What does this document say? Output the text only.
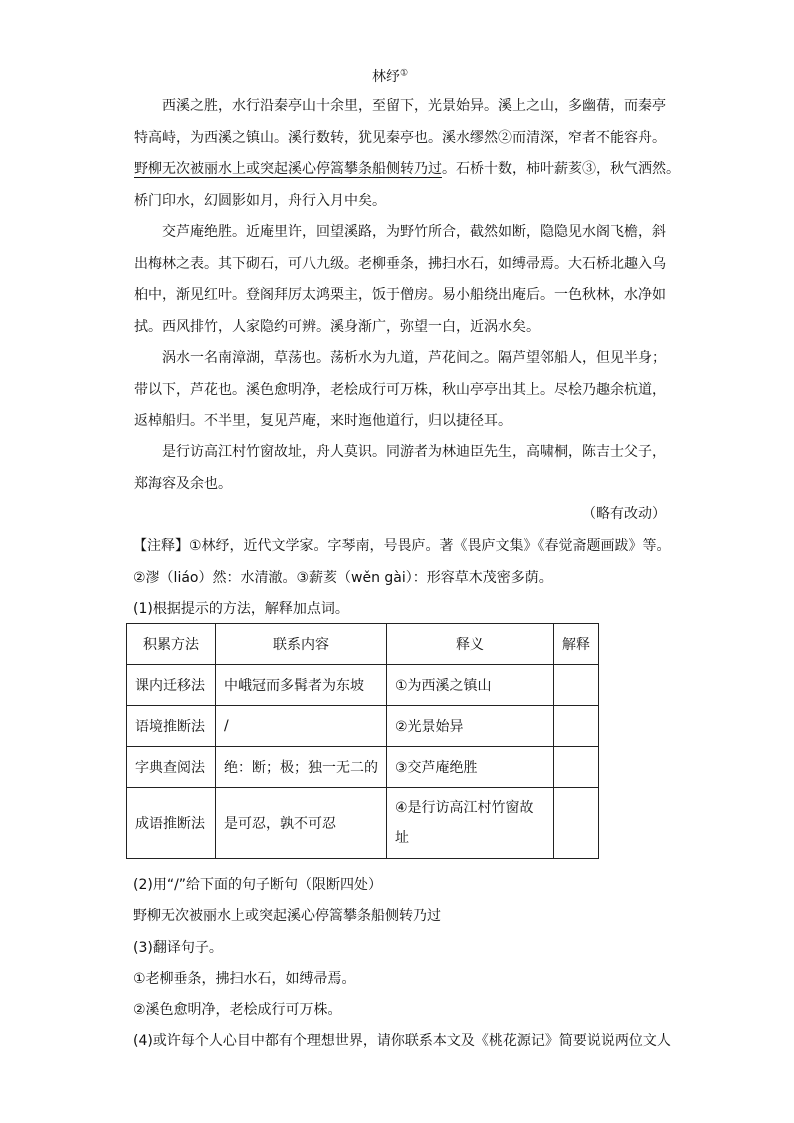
林纾①
西溪之胜，水行沿秦亭山十余里，至留下，光景始异。溪上之山，多幽蒨，而秦亭
特高峙，为西溪之镇山。溪行数转，犹见秦亭也。溪水缪然②而清深，窄者不能容舟。
野柳无次被丽水上或突起溪心停篙攀条船侧转乃过。石桥十数，柿叶薪荄③，秋气洒然。
桥门印水，幻圆影如月，舟行入月中矣。
交芦庵绝胜。近庵里许，回望溪路，为野竹所合，截然如断，隐隐见水阁飞檐，斜
出梅林之表。其下砌石，可八九级。老柳垂条，拂扫水石，如缚帚焉。大石桥北趣入乌
桕中，渐见红叶。登阁拜厉太鸿栗主，饭于僧房。易小船绕出庵后。一色秋林，水净如
拭。西风排竹，人家隐约可辨。溪身渐广，弥望一白，近涡水矣。
涡水一名南漳湖，草荡也。荡析水为九道，芦花间之。隔芦望邻船人，但见半身；
带以下，芦花也。溪色愈明净，老桧成行可万株，秋山亭亭出其上。尽桧乃趣余杭道，
返棹船归。不半里，复见芦庵，来时迤他道行，归以捷径耳。
是行访高江村竹窗故址，舟人莫识。同游者为林迪臣先生，高啸桐，陈吉士父子，
郑海容及余也。
（略有改动）
【注释】①林纾，近代文学家。字琴南，号畏庐。著《畏庐文集》《春觉斋题画跋》等。
②漻（liáo）然：水清澈。③薪荄（wěn gài）：形容草木茂密多荫。
(1)根据提示的方法，解释加点词。
积累方法	联系内容	释义	解释
课内迁移法	中峨冠而多髯者为东坡	①为西溪之镇山	
语境推断法	/	②光景始异	
字典查阅法	绝：断；极；独一无二的	③交芦庵绝胜	
成语推断法	是可忍，孰不可忍	④是行访高江村竹窗故址	
(2)用“/”给下面的句子断句（限断四处）
野柳无次被丽水上或突起溪心停篙攀条船侧转乃过
(3)翻译句子。
①老柳垂条，拂扫水石，如缚帚焉。
②溪色愈明净，老桧成行可万株。
(4)或许每个人心目中都有个理想世界，请你联系本文及《桃花源记》简要说说两位文人
